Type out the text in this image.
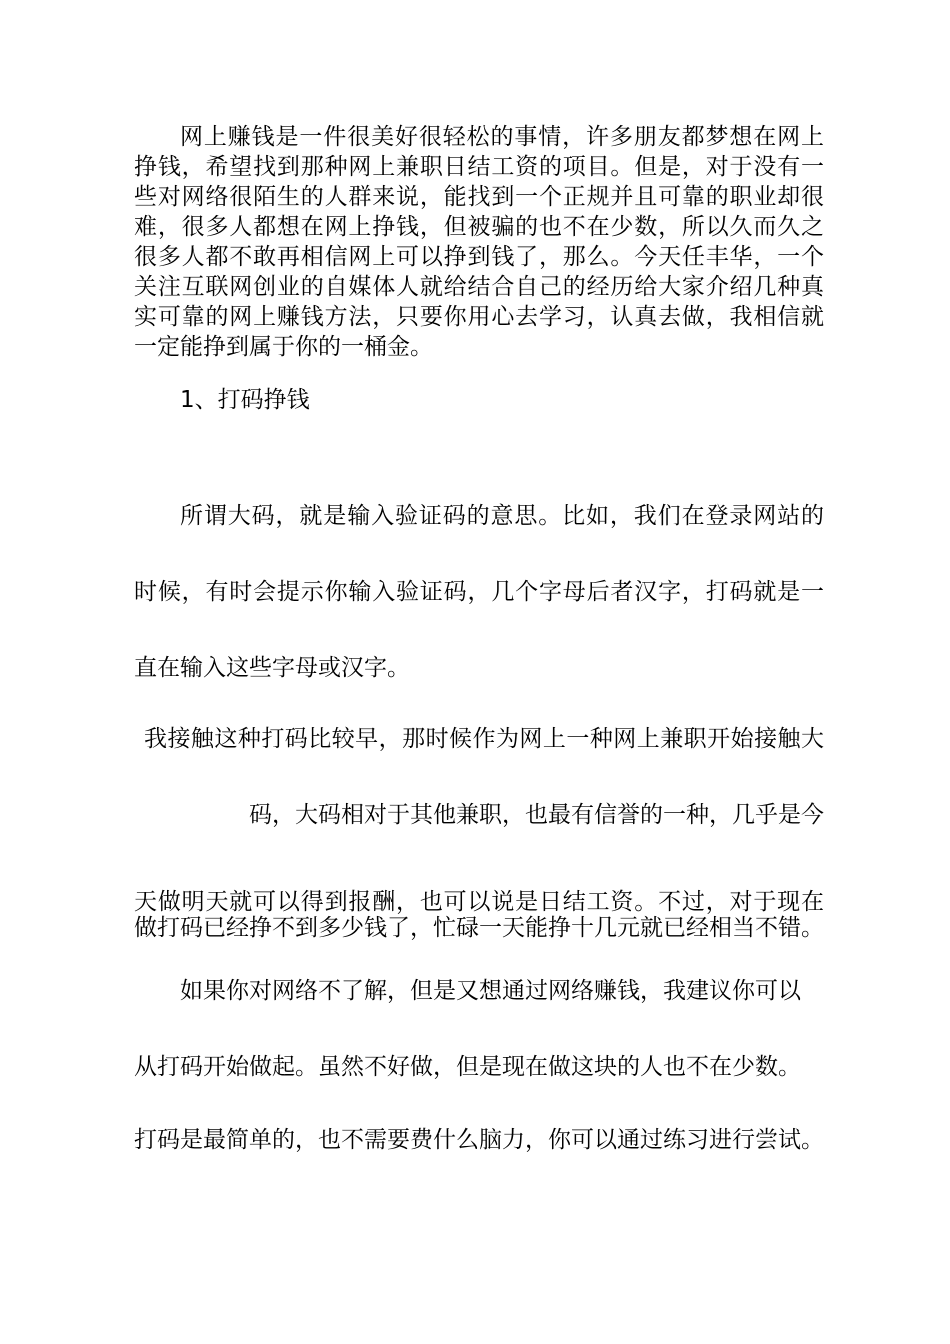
网上赚钱是一件很美好很轻松的事情，许多朋友都梦想在网上
挣钱，希望找到那种网上兼职日结工资的项目。但是，对于没有一
些对网络很陌生的人群来说，能找到一个正规并且可靠的职业却很
难，很多人都想在网上挣钱，但被骗的也不在少数，所以久而久之
很多人都不敢再相信网上可以挣到钱了，那么。今天任丰华，一个
关注互联网创业的自媒体人就给结合自己的经历给大家介绍几种真
实可靠的网上赚钱方法，只要你用心去学习，认真去做，我相信就
一定能挣到属于你的一桶金。
1、打码挣钱
所谓大码，就是输入验证码的意思。比如，我们在登录网站的
时候，有时会提示你输入验证码，几个字母后者汉字，打码就是一
直在输入这些字母或汉字。
我接触这种打码比较早，那时候作为网上一种网上兼职开始接触大
码，大码相对于其他兼职，也最有信誉的一种，几乎是今
天做明天就可以得到报酬，也可以说是日结工资。不过，对于现在
做打码已经挣不到多少钱了，忙碌一天能挣十几元就已经相当不错。
如果你对网络不了解，但是又想通过网络赚钱，我建议你可以
从打码开始做起。虽然不好做，但是现在做这块的人也不在少数。
打码是最简单的，也不需要费什么脑力，你可以通过练习进行尝试。
